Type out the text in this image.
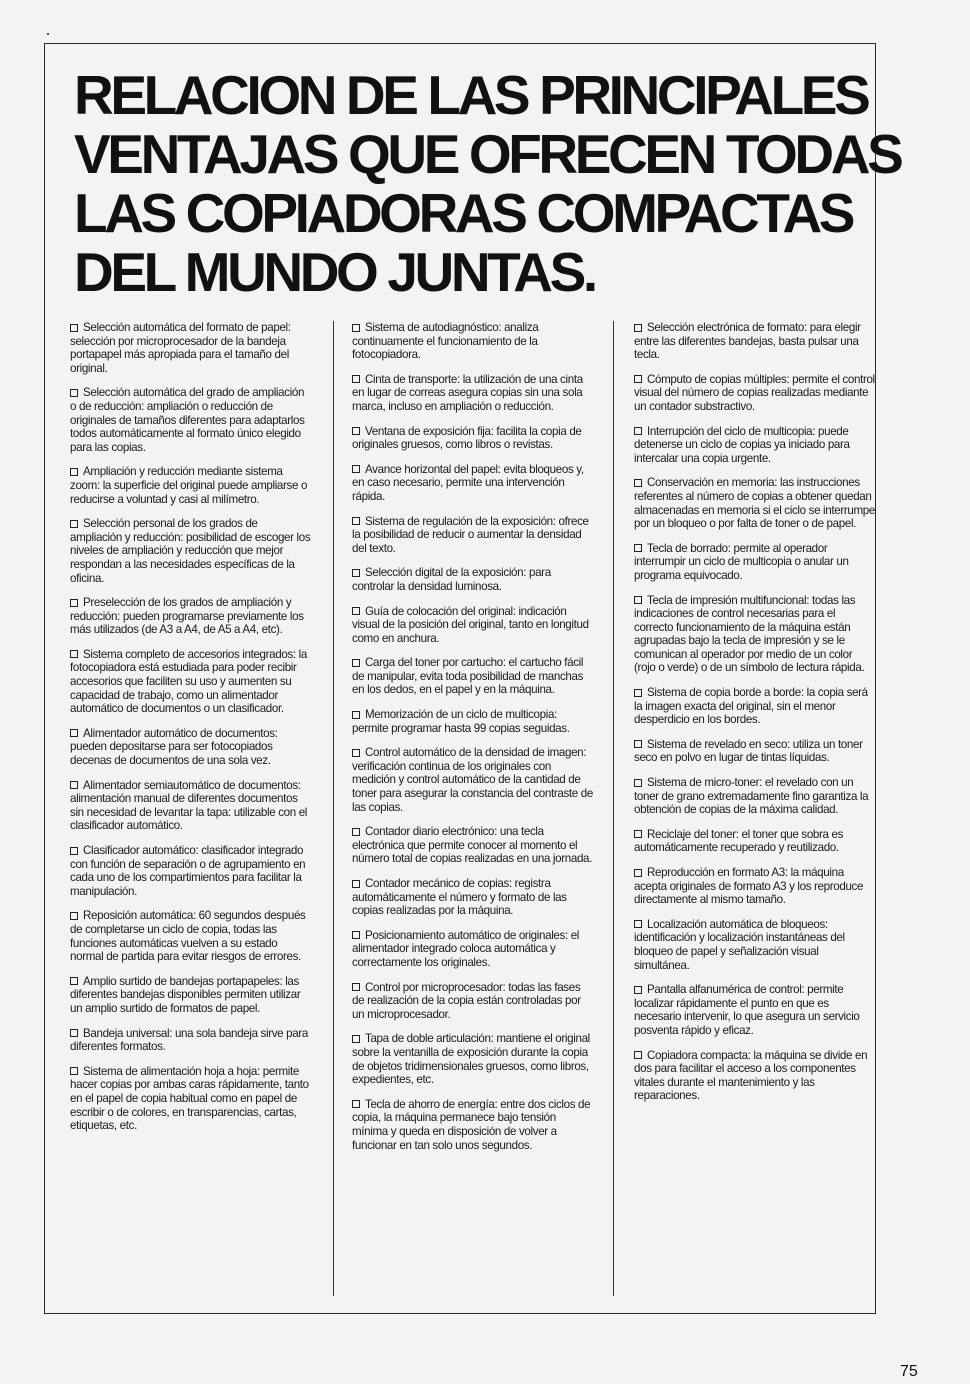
RELACION DE LAS PRINCIPALES
VENTAJAS QUE OFRECEN TODAS
LAS COPIADORAS COMPACTAS
DEL MUNDO JUNTAS.

Selección automática del formato de papel: selección por microprocesador de la bandeja portapapel más apropiada para el tamaño del original.

Selección automática del grado de ampliación o de reducción: ampliación o reducción de originales de tamaños diferentes para adaptarlos todos automáticamente al formato único elegido para las copias.

Ampliación y reducción mediante sistema zoom: la superficie del original puede ampliarse o reducirse a voluntad y casi al milímetro.

Selección personal de los grados de ampliación y reducción: posibilidad de escoger los niveles de ampliación y reducción que mejor respondan a las necesidades específicas de la oficina.

Preselección de los grados de ampliación y reducción: pueden programarse previamente los más utilizados (de A3 a A4, de A5 a A4, etc).

Sistema completo de accesorios integrados: la fotocopiadora está estudiada para poder recibir accesorios que faciliten su uso y aumenten su capacidad de trabajo, como un alimentador automático de documentos o un clasificador.

Alimentador automático de documentos: pueden depositarse para ser fotocopiados decenas de documentos de una sola vez.

Alimentador semiautomático de documentos: alimentación manual de diferentes documentos sin necesidad de levantar la tapa: utilizable con el clasificador automático.

Clasificador automático: clasificador integrado con función de separación o de agrupamiento en cada uno de los compartimientos para facilitar la manipulación.

Reposición automática: 60 segundos después de completarse un ciclo de copia, todas las funciones automáticas vuelven a su estado normal de partida para evitar riesgos de errores.

Amplio surtido de bandejas portapapeles: las diferentes bandejas disponibles permiten utilizar un amplio surtido de formatos de papel.

Bandeja universal: una sola bandeja sirve para diferentes formatos.

Sistema de alimentación hoja a hoja: permite hacer copias por ambas caras rápidamente, tanto en el papel de copia habitual como en papel de escribir o de colores, en transparencias, cartas, etiquetas, etc.

Sistema de autodiagnóstico: analiza continuamente el funcionamiento de la fotocopiadora.

Cinta de transporte: la utilización de una cinta en lugar de correas asegura copias sin una sola marca, incluso en ampliación o reducción.

Ventana de exposición fija: facilita la copia de originales gruesos, como libros o revistas.

Avance horizontal del papel: evita bloqueos y, en caso necesario, permite una intervención rápida.

Sistema de regulación de la exposición: ofrece la posibilidad de reducir o aumentar la densidad del texto.

Selección digital de la exposición: para controlar la densidad luminosa.

Guía de colocación del original: indicación visual de la posición del original, tanto en longitud como en anchura.

Carga del toner por cartucho: el cartucho fácil de manipular, evita toda posibilidad de manchas en los dedos, en el papel y en la máquina.

Memorización de un ciclo de multicopia: permite programar hasta 99 copias seguidas.

Control automático de la densidad de imagen: verificación continua de los originales con medición y control automático de la cantidad de toner para asegurar la constancia del contraste de las copias.

Contador diario electrónico: una tecla electrónica que permite conocer al momento el número total de copias realizadas en una jornada.

Contador mecánico de copias: registra automáticamente el número y formato de las copias realizadas por la máquina.

Posicionamiento automático de originales: el alimentador integrado coloca automática y correctamente los originales.

Control por microprocesador: todas las fases de realización de la copia están controladas por un microprocesador.

Tapa de doble articulación: mantiene el original sobre la ventanilla de exposición durante la copia de objetos tridimensionales gruesos, como libros, expedientes, etc.

Tecla de ahorro de energía: entre dos ciclos de copia, la máquina permanece bajo tensión mínima y queda en disposición de volver a funcionar en tan solo unos segundos.

Selección electrónica de formato: para elegir entre las diferentes bandejas, basta pulsar una tecla.

Cómputo de copias múltiples: permite el control visual del número de copias realizadas mediante un contador substractivo.

Interrupción del ciclo de multicopia: puede detenerse un ciclo de copias ya iniciado para intercalar una copia urgente.

Conservación en memoria: las instrucciones referentes al número de copias a obtener quedan almacenadas en memoria si el ciclo se interrumpe por un bloqueo o por falta de toner o de papel.

Tecla de borrado: permite al operador interrumpir un ciclo de multicopia o anular un programa equivocado.

Tecla de impresión multifuncional: todas las indicaciones de control necesarias para el correcto funcionamiento de la máquina están agrupadas bajo la tecla de impresión y se le comunican al operador por medio de un color (rojo o verde) o de un símbolo de lectura rápida.

Sistema de copia borde a borde: la copia será la imagen exacta del original, sin el menor desperdicio en los bordes.

Sistema de revelado en seco: utiliza un toner seco en polvo en lugar de tintas líquidas.

Sistema de micro-toner: el revelado con un toner de grano extremadamente fino garantiza la obtención de copias de la máxima calidad.

Reciclaje del toner: el toner que sobra es automáticamente recuperado y reutilizado.

Reproducción en formato A3: la máquina acepta originales de formato A3 y los reproduce directamente al mismo tamaño.

Localización automática de bloqueos: identificación y localización instantáneas del bloqueo de papel y señalización visual simultánea.

Pantalla alfanumérica de control: permite localizar rápidamente el punto en que es necesario intervenir, lo que asegura un servicio posventa rápido y eficaz.

Copiadora compacta: la máquina se divide en dos para facilitar el acceso a los componentes vitales durante el mantenimiento y las reparaciones.

75
